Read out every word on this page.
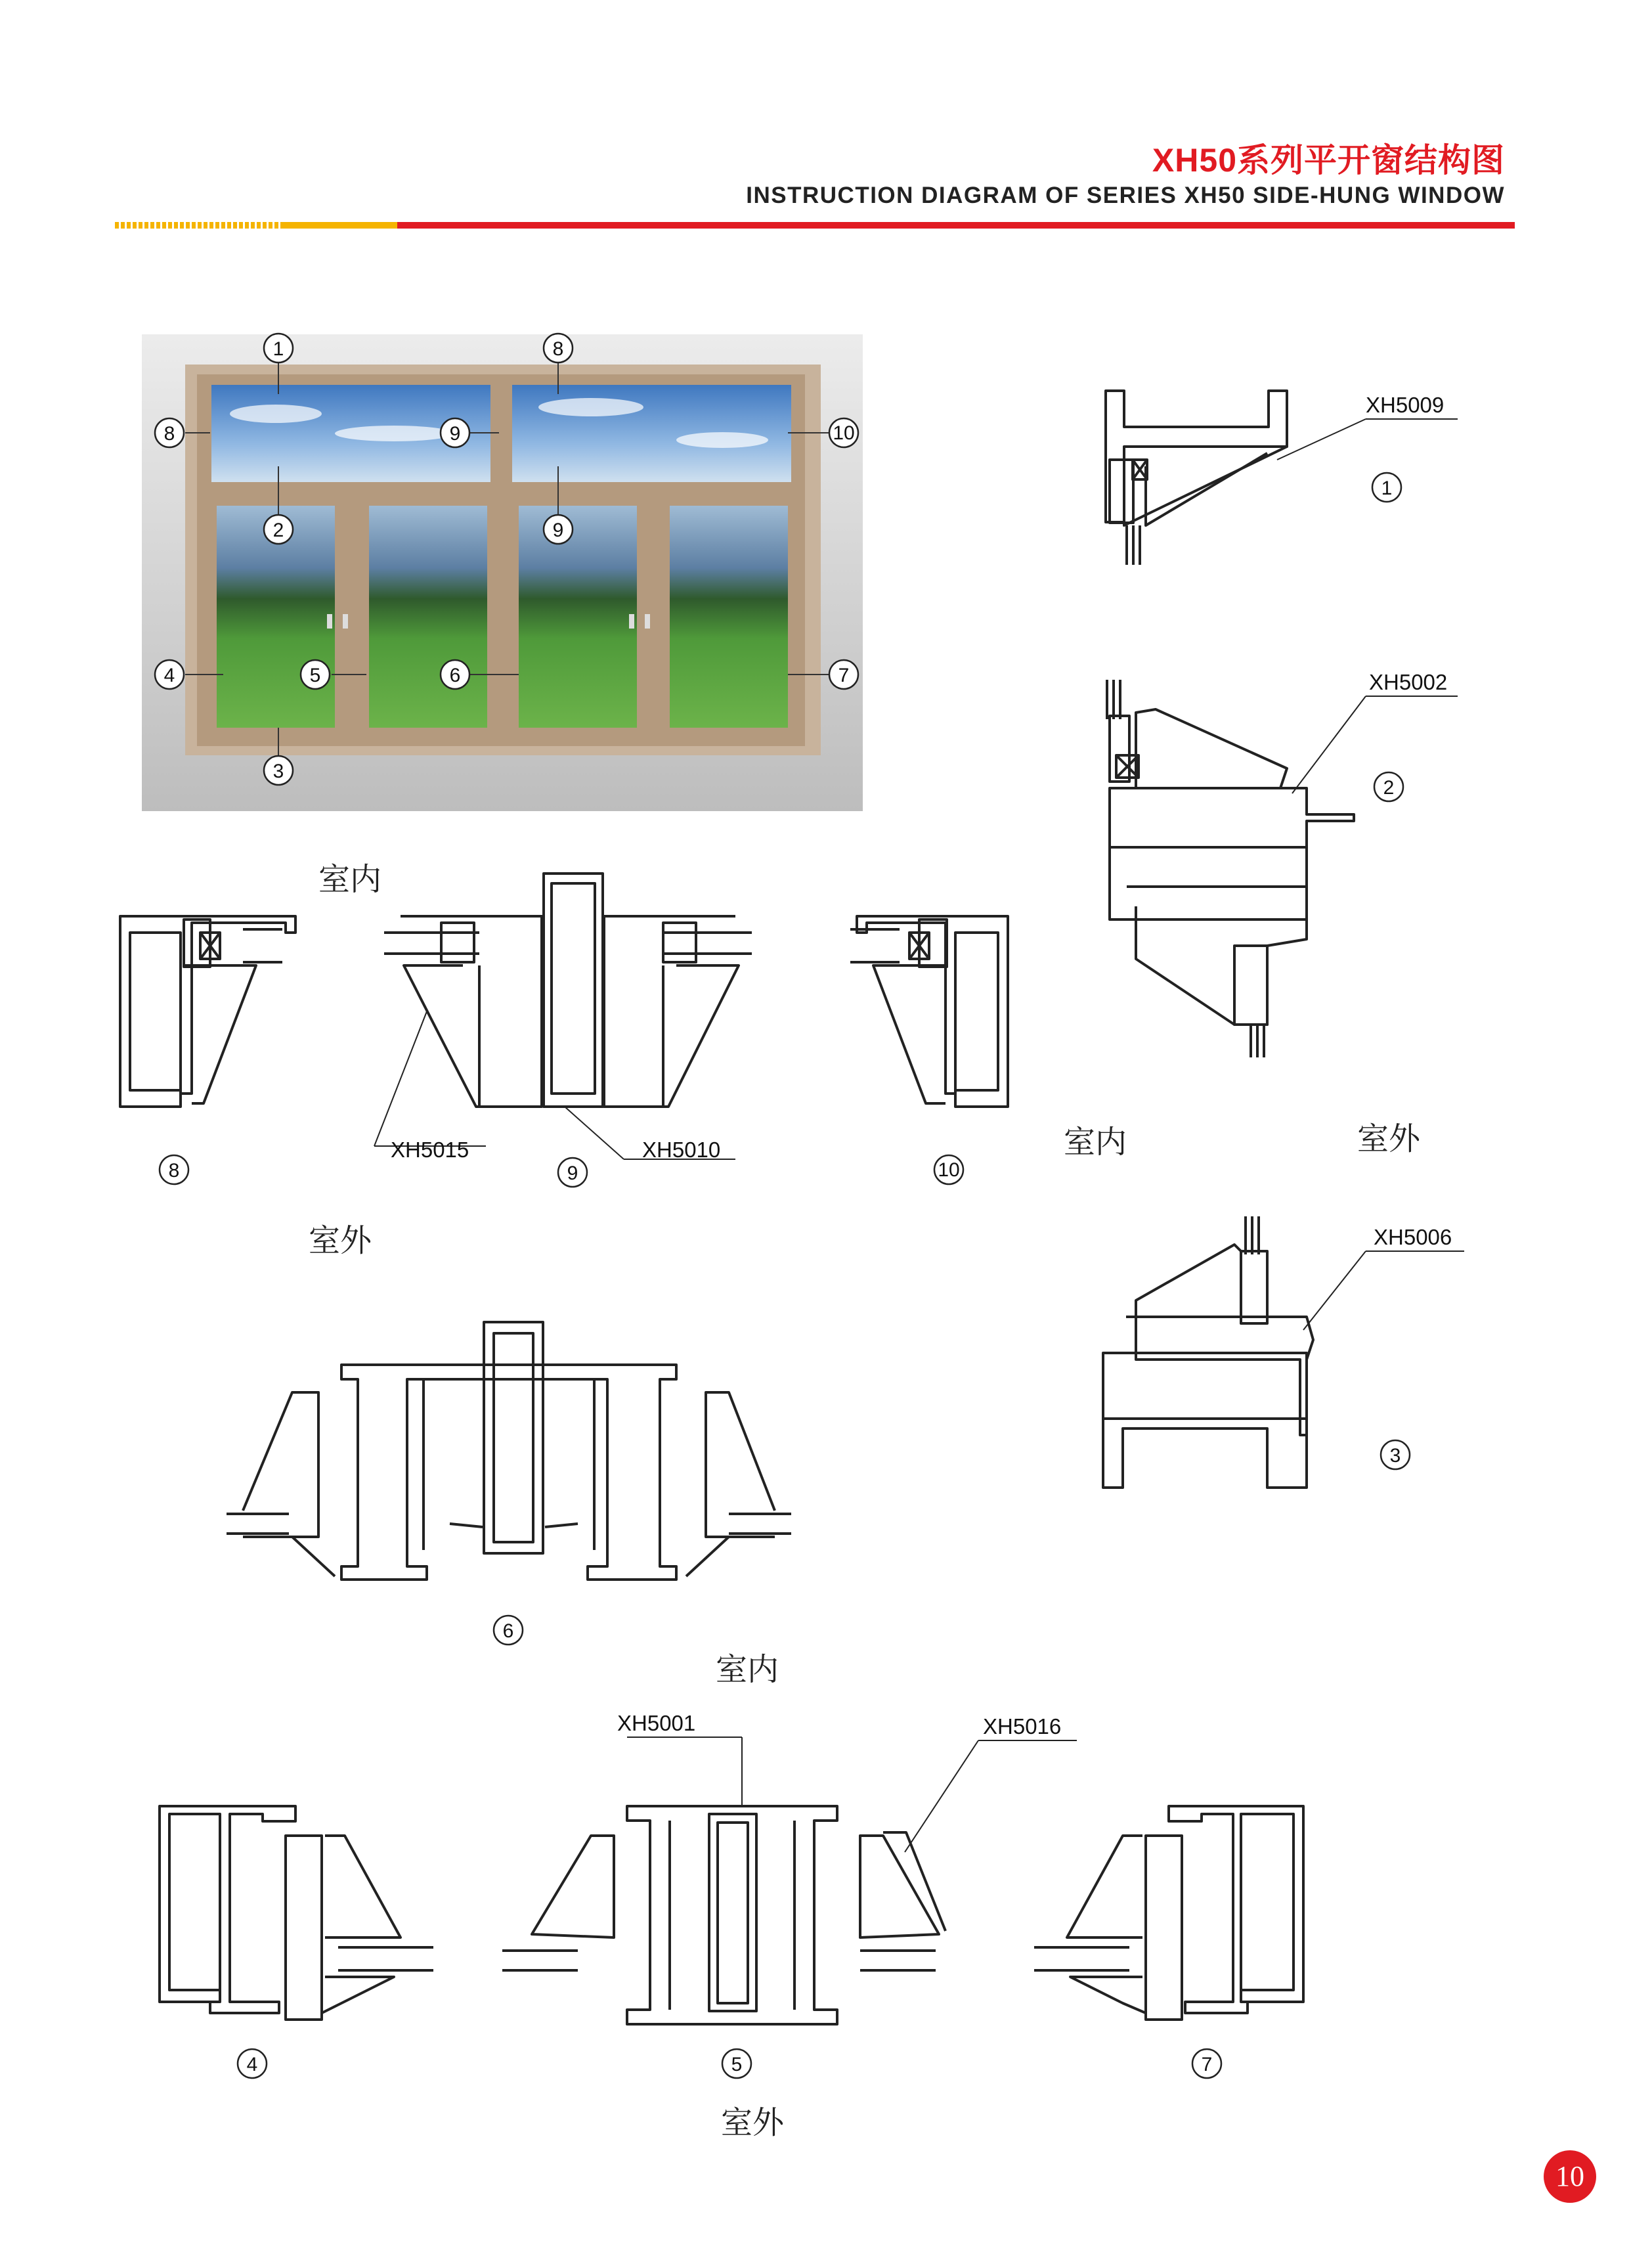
XH50系列平开窗结构图
INSTRUCTION DIAGRAM OF SERIES XH50 SIDE-HUNG WINDOW
1	8
8	9	10
2	9
4	5	6	7
3
XH5009
1
XH5002
2
室内	室外
XH5006
3
室内
8
XH5015	XH5010
9	10
室外
6
室内
4
XH5001	XH5016
5	7
室外
10
